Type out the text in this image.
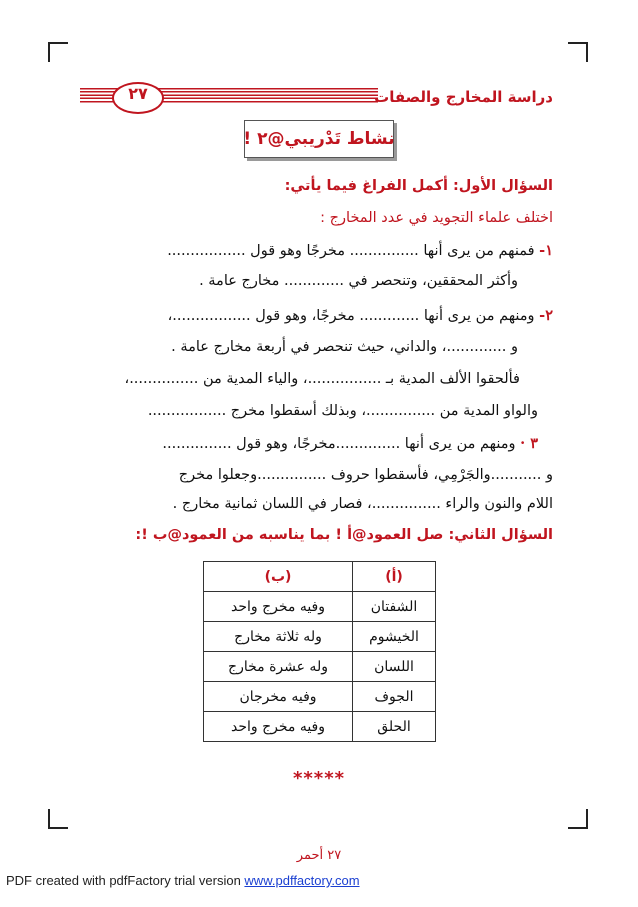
٢٧	دراسة المخارج والصفات
نشاط تَدْريبي@٢ !
السؤال الأول: أكمل الفراغ فيما يأتي:
اختلف علماء التجويد في عدد المخارج :
١- فمنهم من يرى أنها ............... مخرجًا وهو قول .................
وأكثر المحققين، وتنحصر في ............. مخارج عامة .
٢- ومنهم من يرى أنها ............. مخرجًا، وهو قول .................،
و .............، والداني، حيث تنحصر في أربعة مخارج عامة .
فألحقوا الألف المدية بـ ................، والياء المدية من ...............،
والواو المدية من ...............، وبذلك أسقطوا مخرج .................
٣ · ومنهم من يرى أنها ..............مخرجًا، وهو قول ...............
و ...........والجَرْمِي، فأسقطوا حروف ...............وجعلوا مخرج
اللام والنون والراء ...............، فصار في اللسان ثمانية مخارج .
السؤال الثاني: صل العمود@أ ! بما يناسبه من العمود@ب !:
(أ)	(ب)
الشفتان	وفيه مخرج واحد
الخيشوم	وله ثلاثة مخارج
اللسان	وله عشرة مخارج
الجوف	وفيه مخرجان
الحلق	وفيه مخرج واحد
*****
٢٧ أحمر
PDF created with pdfFactory trial version www.pdffactory.com
